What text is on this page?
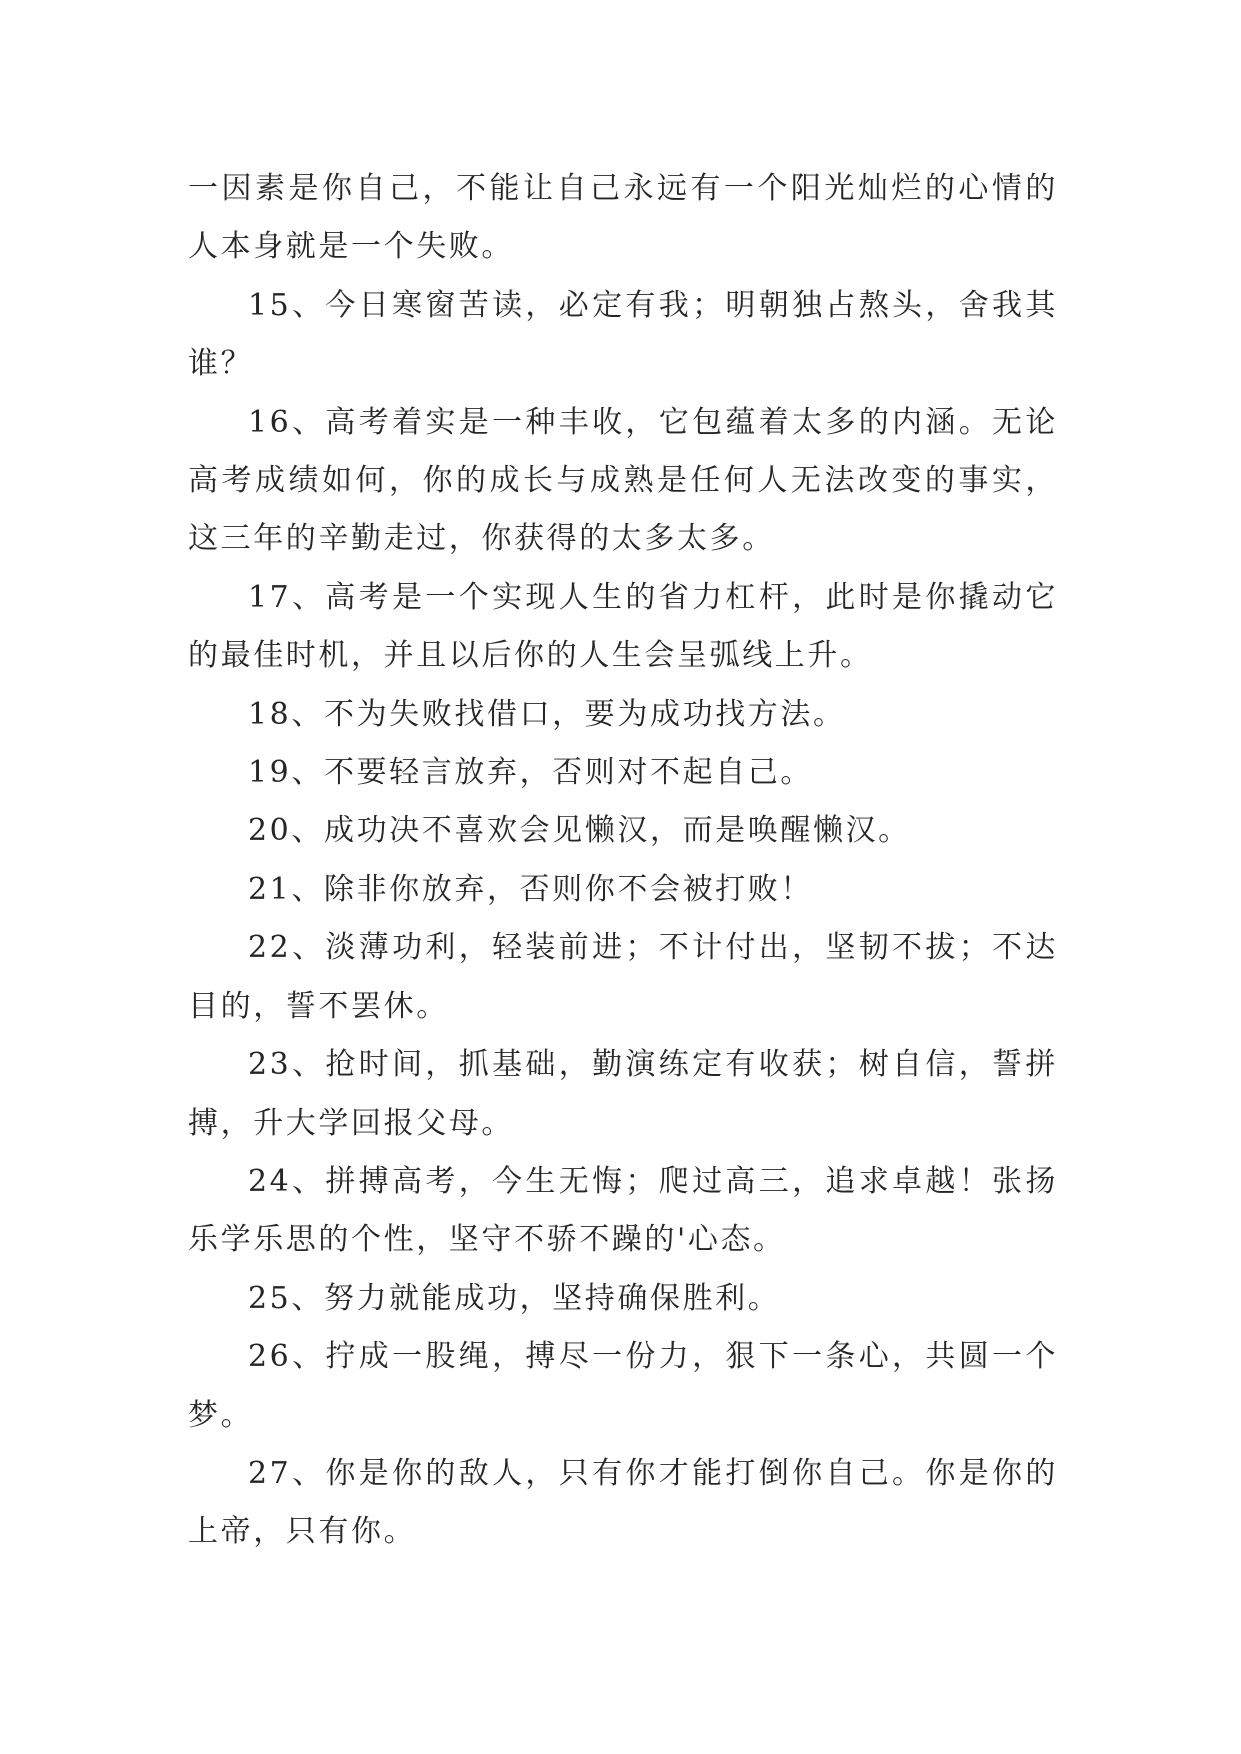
一因素是你自己，不能让自己永远有一个阳光灿烂的心情的人本身就是一个失败。

15、今日寒窗苦读，必定有我；明朝独占熬头，舍我其谁？

16、高考着实是一种丰收，它包蕴着太多的内涵。无论高考成绩如何，你的成长与成熟是任何人无法改变的事实，这三年的辛勤走过，你获得的太多太多。

17、高考是一个实现人生的省力杠杆，此时是你撬动它的最佳时机，并且以后你的人生会呈弧线上升。

18、不为失败找借口，要为成功找方法。

19、不要轻言放弃，否则对不起自己。

20、成功决不喜欢会见懒汉，而是唤醒懒汉。

21、除非你放弃，否则你不会被打败！

22、淡薄功利，轻装前进；不计付出，坚韧不拔；不达目的，誓不罢休。

23、抢时间，抓基础，勤演练定有收获；树自信，誓拼搏，升大学回报父母。

24、拼搏高考，今生无悔；爬过高三，追求卓越！张扬乐学乐思的个性，坚守不骄不躁的'心态。

25、努力就能成功，坚持确保胜利。

26、拧成一股绳，搏尽一份力，狠下一条心，共圆一个梦。

27、你是你的敌人，只有你才能打倒你自己。你是你的上帝，只有你。
